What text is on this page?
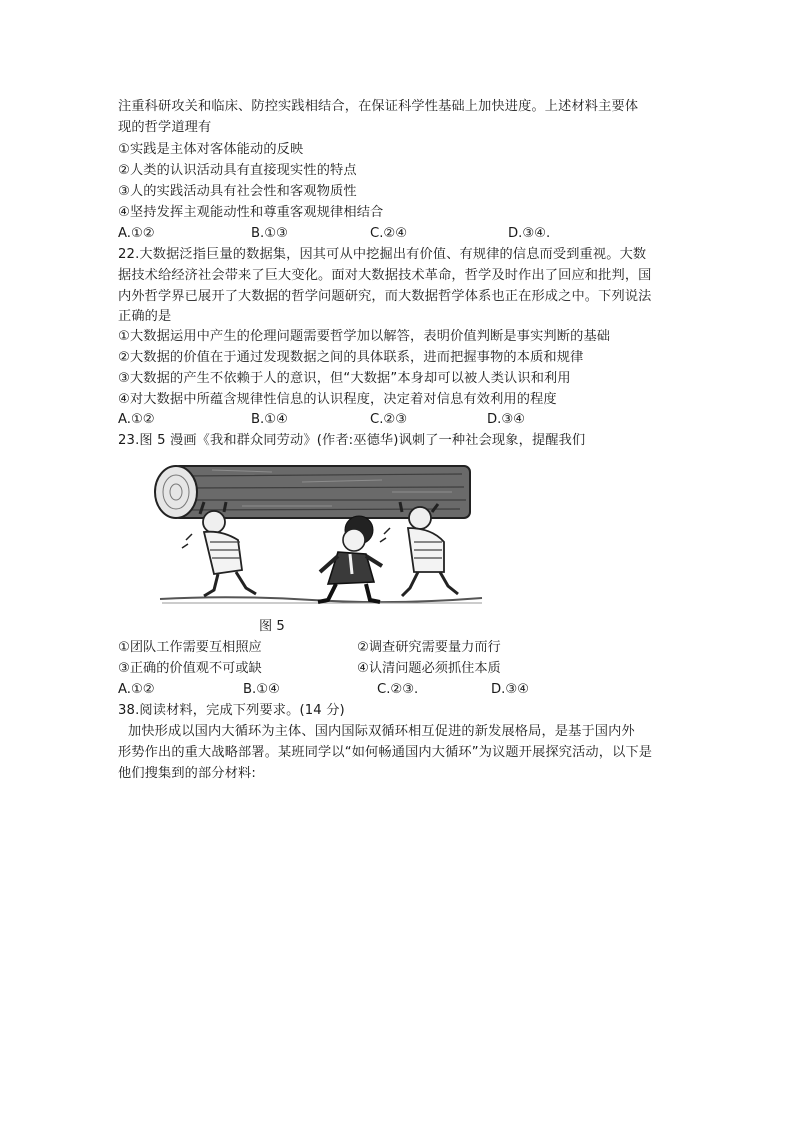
注重科研攻关和临床、防控实践相结合，在保证科学性基础上加快进度。上述材料主要体
现的哲学道理有
①实践是主体对客体能动的反映
②人类的认识活动具有直接现实性的特点
③人的实践活动具有社会性和客观物质性
④坚持发挥主观能动性和尊重客观规律相结合
A.①②	B.①③	C.②④	D.③④.
22.大数据泛指巨量的数据集，因其可从中挖掘出有价值、有规律的信息而受到重视。大数
据技术给经济社会带来了巨大变化。面对大数据技术革命，哲学及时作出了回应和批判，国
内外哲学界已展开了大数据的哲学问题研究，而大数据哲学体系也正在形成之中。下列说法
正确的是
①大数据运用中产生的伦理问题需要哲学加以解答，表明价值判断是事实判断的基础
②大数据的价值在于通过发现数据之间的具体联系，进而把握事物的本质和规律
③大数据的产生不依赖于人的意识，但“大数据”本身却可以被人类认识和利用
④对大数据中所蕴含规律性信息的认识程度，决定着对信息有效利用的程度
A.①②	B.①④	C.②③	D.③④
23.图 5 漫画《我和群众同劳动》(作者:巫德华)讽刺了一种社会现象，提醒我们
图 5
①团队工作需要互相照应	②调查研究需要量力而行
③正确的价值观不可或缺	④认清问题必须抓住本质
A.①②	B.①④	C.②③.	D.③④
38.阅读材料，完成下列要求。(14 分)
加快形成以国内大循环为主体、国内国际双循环相互促进的新发展格局，是基于国内外
形势作出的重大战略部署。某班同学以“如何畅通国内大循环”为议题开展探究活动，以下是
他们搜集到的部分材料:
